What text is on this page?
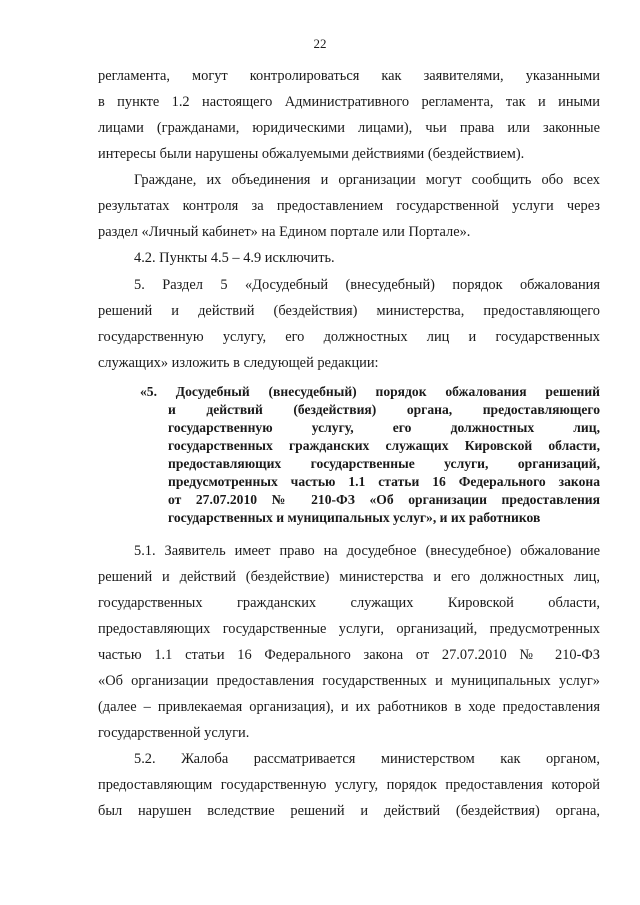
22
регламента, могут контролироваться как заявителями, указанными
в пункте 1.2 настоящего Административного регламента, так и иными
лицами (гражданами, юридическими лицами), чьи права или законные
интересы были нарушены обжалуемыми действиями (бездействием).
Граждане, их объединения и организации могут сообщить обо всех
результатах контроля за предоставлением государственной услуги через
раздел «Личный кабинет» на Едином портале или Портале».
4.2. Пункты 4.5 – 4.9 исключить.
5. Раздел 5 «Досудебный (внесудебный) порядок обжалования
решений и действий (бездействия) министерства, предоставляющего
государственную услугу, его должностных лиц и государственных
служащих» изложить в следующей редакции:
«5. Досудебный (внесудебный) порядок обжалования решений
и действий (бездействия) органа, предоставляющего
государственную услугу, его должностных лиц,
государственных гражданских служащих Кировской области,
предоставляющих государственные услуги, организаций,
предусмотренных частью 1.1 статьи 16 Федерального закона
от 27.07.2010 № 210-ФЗ «Об организации предоставления
государственных и муниципальных услуг», и их работников
5.1. Заявитель имеет право на досудебное (внесудебное) обжалование
решений и действий (бездействие) министерства и его должностных лиц,
государственных гражданских служащих Кировской области,
предоставляющих государственные услуги, организаций, предусмотренных
частью 1.1 статьи 16 Федерального закона от 27.07.2010 № 210-ФЗ
«Об организации предоставления государственных и муниципальных услуг»
(далее – привлекаемая организация), и их работников в ходе предоставления
государственной услуги.
5.2. Жалоба рассматривается министерством как органом,
предоставляющим государственную услугу, порядок предоставления которой
был нарушен вследствие решений и действий (бездействия) органа,
